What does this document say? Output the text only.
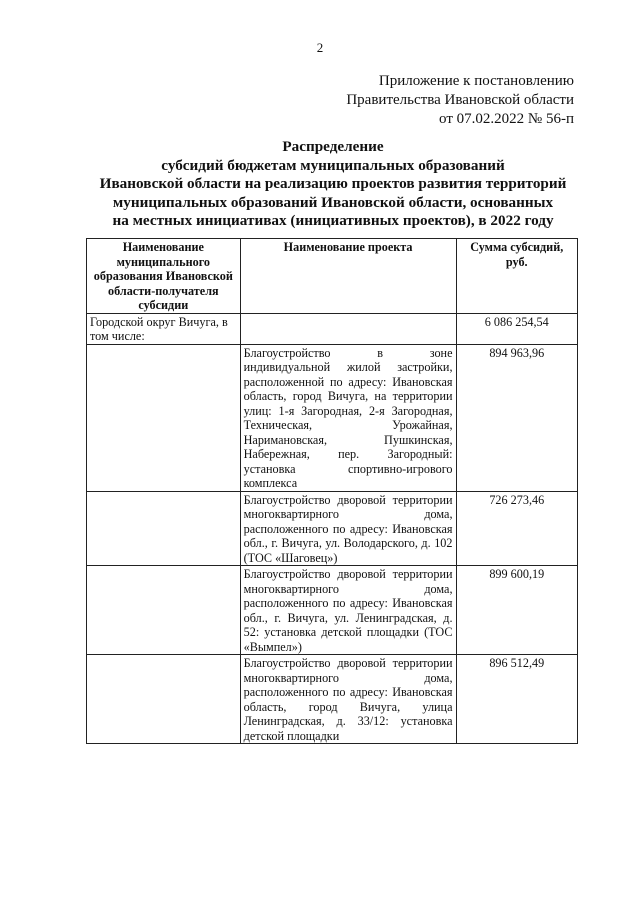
2
Приложение к постановлению
Правительства Ивановской области
от 07.02.2022 № 56-п
Распределение
субсидий бюджетам муниципальных образований
Ивановской области на реализацию проектов развития территорий
муниципальных образований Ивановской области, основанных
на местных инициативах (инициативных проектов), в 2022 году
Наименование муниципального образования Ивановской области-получателя субсидии	Наименование проекта	Сумма субсидий, руб.
Городской округ Вичуга, в том числе:		6 086 254,54
	Благоустройство в зоне индивидуальной жилой застройки, расположенной по адресу: Ивановская область, город Вичуга, на территории улиц: 1-я Загородная, 2-я Загородная, Техническая, Урожайная, Наримановская, Пушкинская, Набережная, пер. Загородный: установка спортивно-игрового комплекса	894 963,96
	Благоустройство дворовой территории многоквартирного дома, расположенного по адресу: Ивановская обл., г. Вичуга, ул. Володарского, д. 102 (ТОС «Шаговец»)	726 273,46
	Благоустройство дворовой территории многоквартирного дома, расположенного по адресу: Ивановская обл., г. Вичуга, ул. Ленинградская, д. 52: установка детской площадки (ТОС «Вымпел»)	899 600,19
	Благоустройство дворовой территории многоквартирного дома, расположенного по адресу: Ивановская область, город Вичуга, улица Ленинградская, д. 33/12: установка детской площадки	896 512,49
